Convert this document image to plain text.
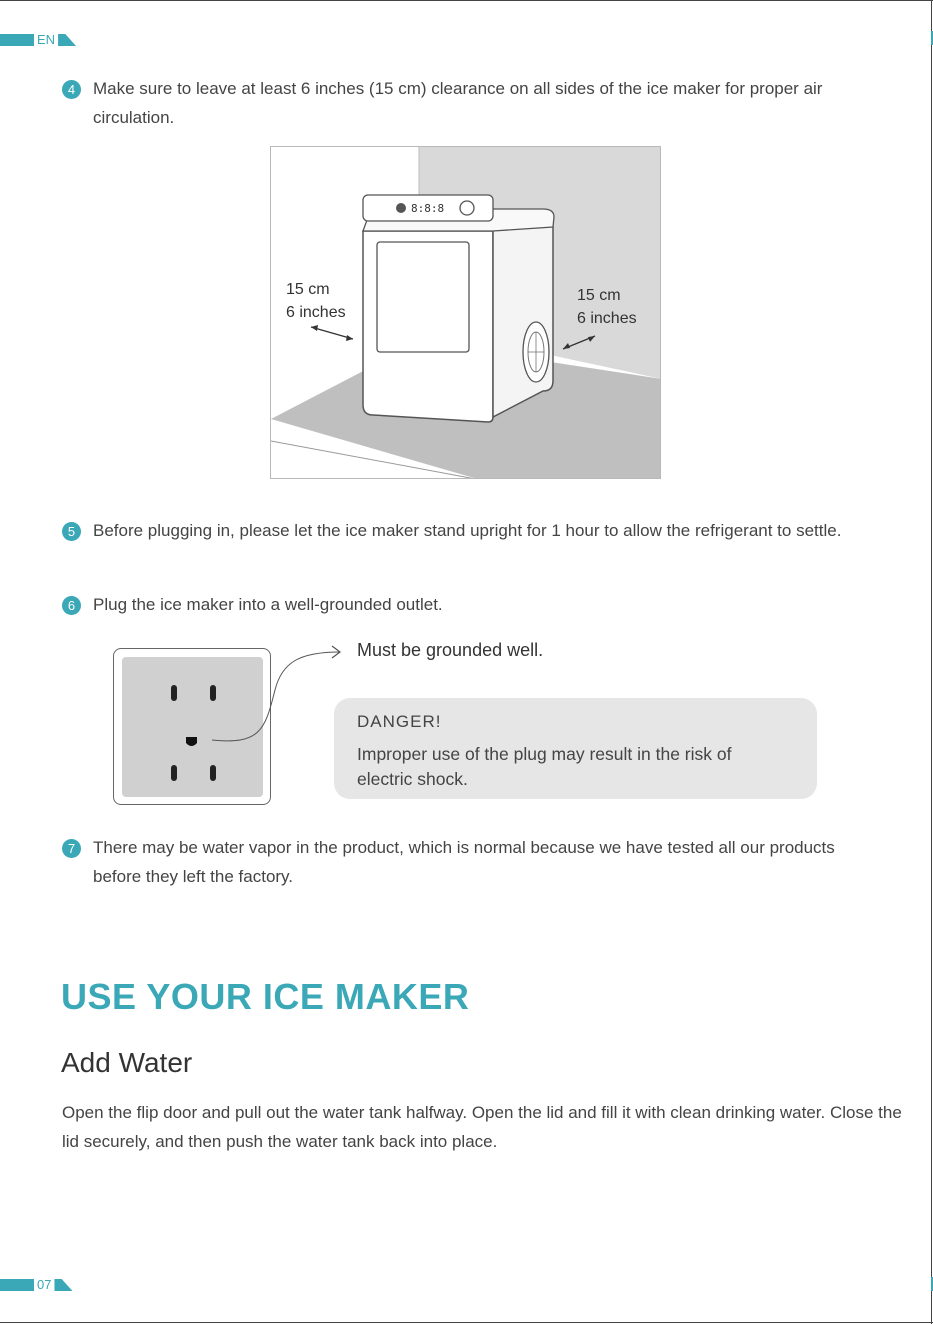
EN
4	Make sure to leave at least 6 inches (15 cm) clearance on all sides of the ice maker for proper air circulation.
8:8:8
15 cm
6 inches
15 cm
6 inches
5	Before plugging in, please let the ice maker stand upright for 1 hour to allow the refrigerant to settle.
6	Plug the ice maker into a well-grounded outlet.
Must be grounded well.
DANGER!
Improper use of the plug may result in the risk of electric shock.
7	There may be water vapor in the product, which is normal because we have tested all our products before they left the factory.
USE YOUR ICE MAKER
Add Water
Open the flip door and pull out the water tank halfway. Open the lid and fill it with clean drinking water. Close the lid securely, and then push the water tank back into place.
07
